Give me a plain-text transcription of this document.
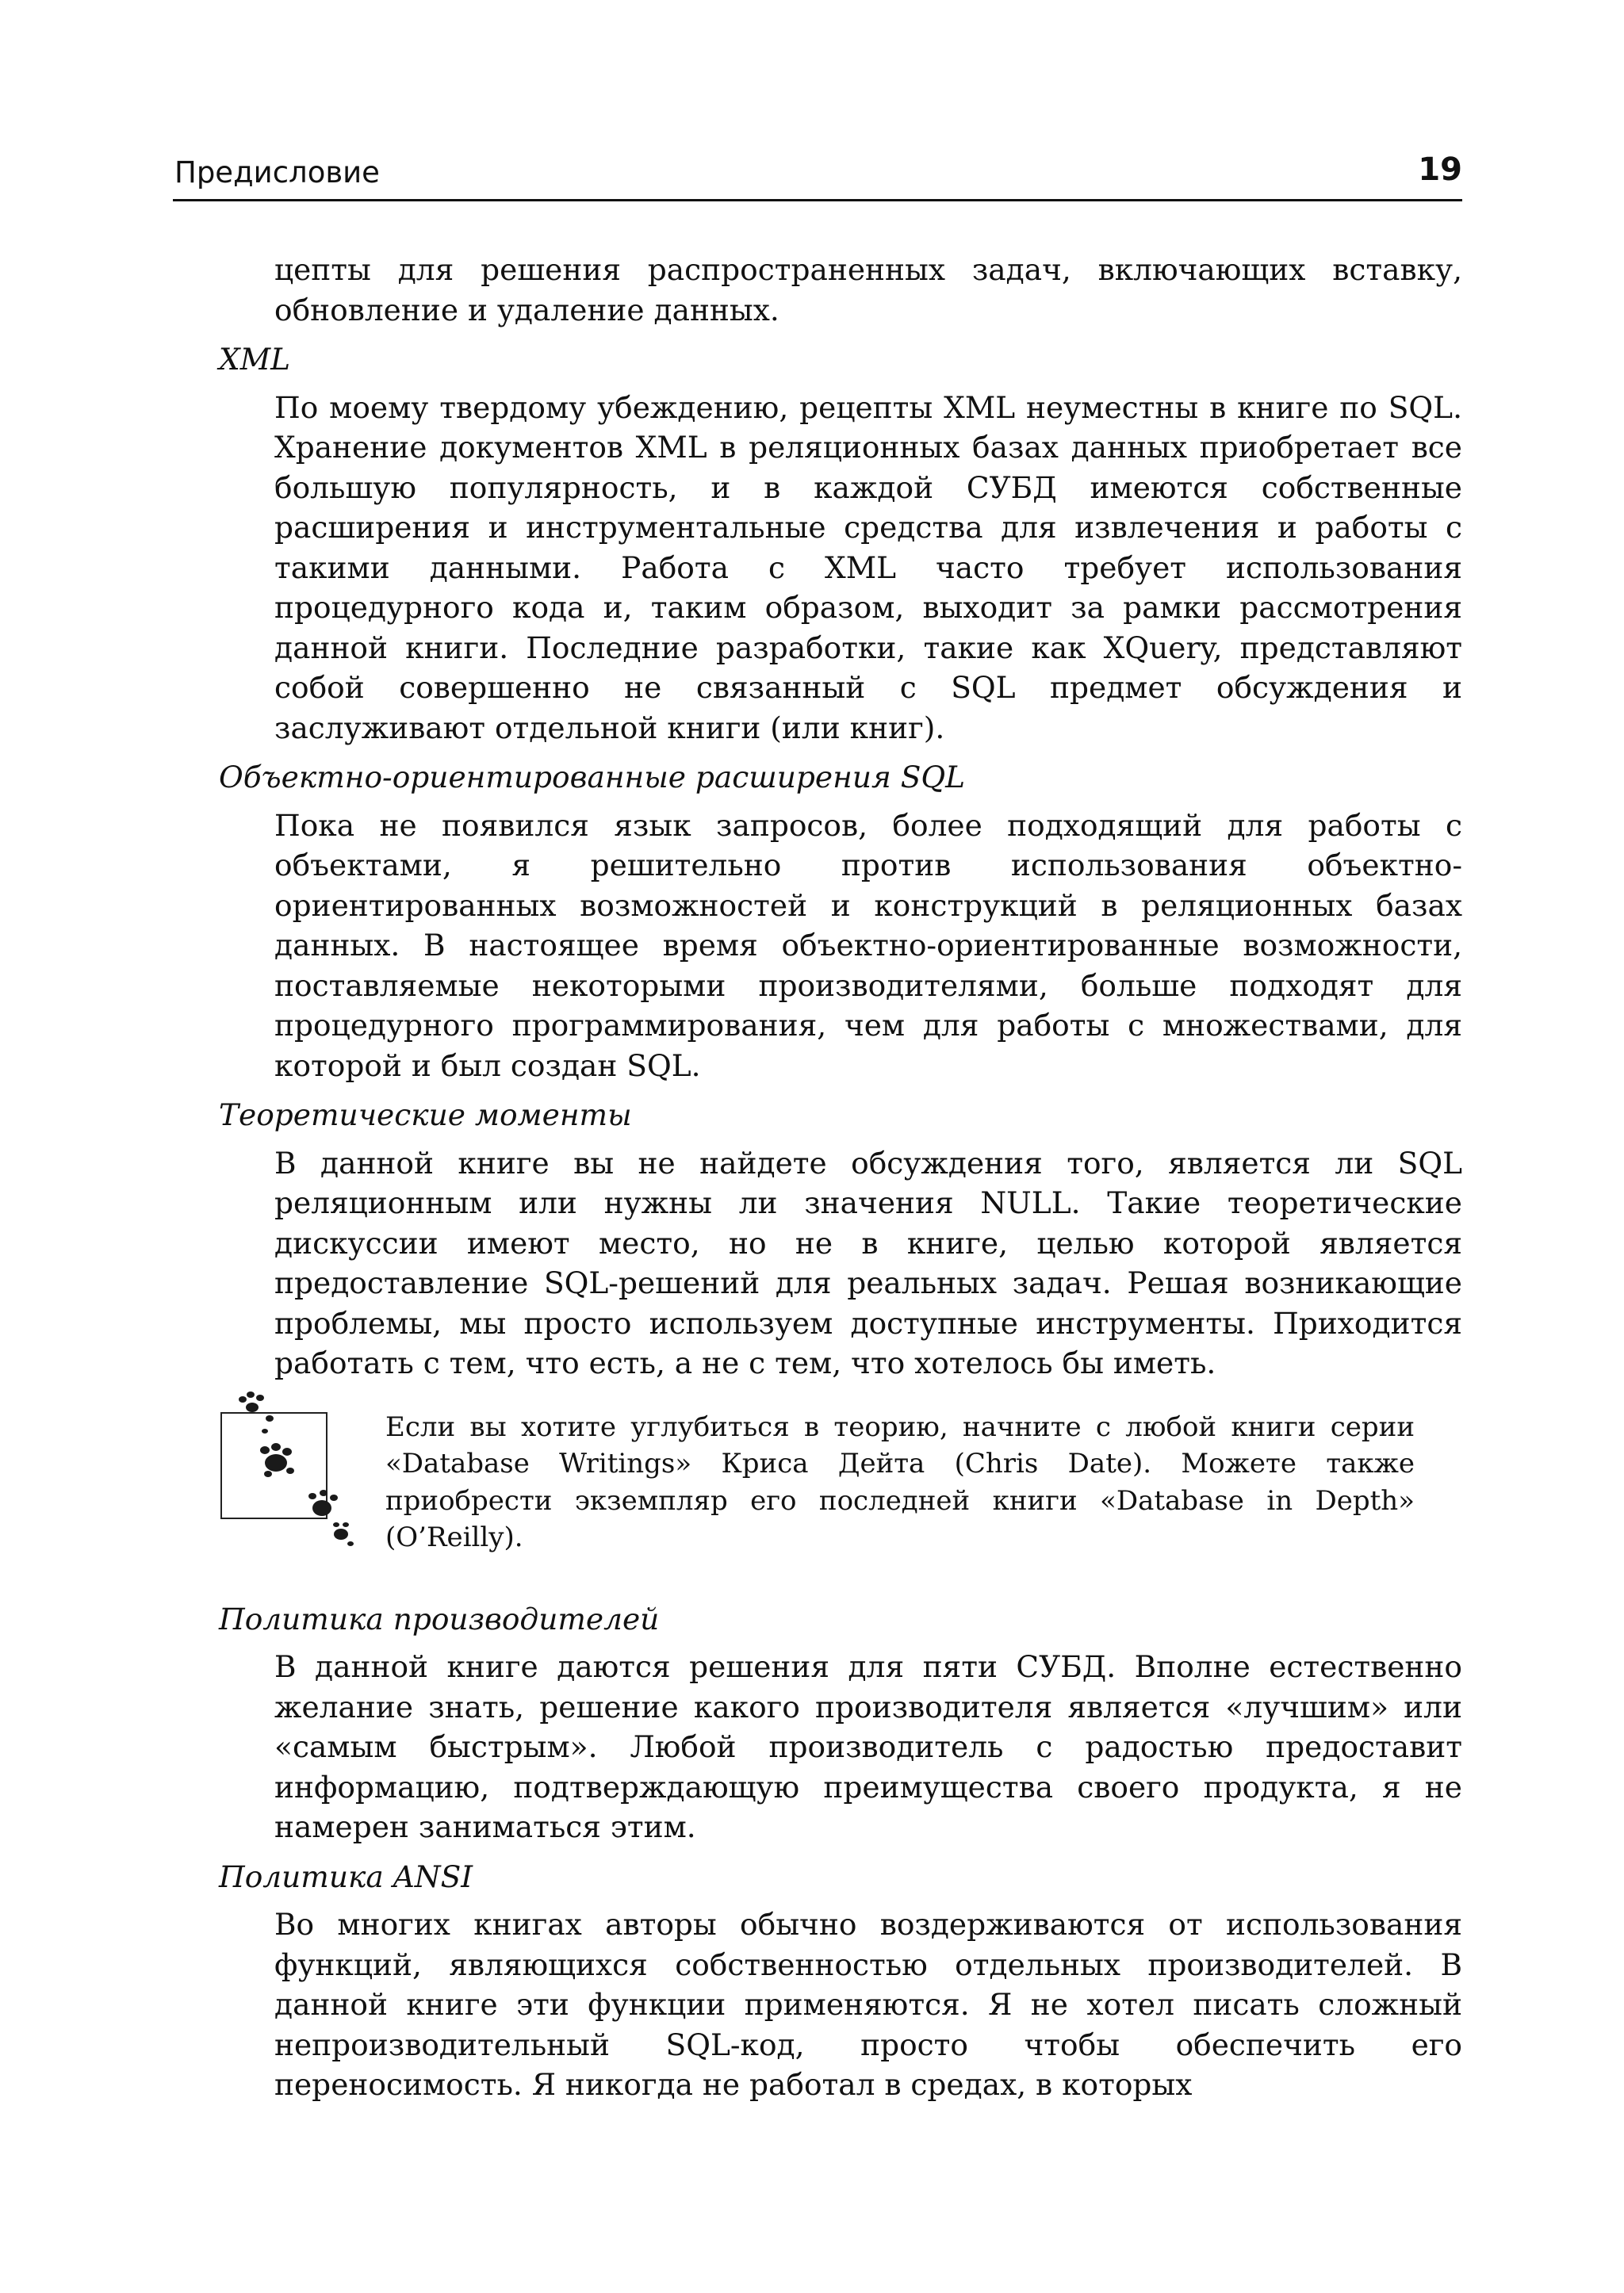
Предисловие	19

цепты для решения распространенных задач, включающих вставку, обновление и удаление данных.

XML

По моему твердому убеждению, рецепты XML неуместны в книге по SQL. Хранение документов XML в реляционных базах данных приобретает все большую популярность, и в каждой СУБД имеются собственные расширения и инструментальные средства для извлечения и работы с такими данными. Работа с XML часто требует использования процедурного кода и, таким образом, выходит за рамки рассмотрения данной книги. Последние разработки, такие как XQuery, представляют собой совершенно не связанный с SQL предмет обсуждения и заслуживают отдельной книги (или книг).

Объектно-ориентированные расширения SQL

Пока не появился язык запросов, более подходящий для работы с объектами, я решительно против использования объектно-ориентированных возможностей и конструкций в реляционных базах данных. В настоящее время объектно-ориентированные возможности, поставляемые некоторыми производителями, больше подходят для процедурного программирования, чем для работы с множествами, для которой и был создан SQL.

Теоретические моменты

В данной книге вы не найдете обсуждения того, является ли SQL реляционным или нужны ли значения NULL. Такие теоретические дискуссии имеют место, но не в книге, целью которой является предоставление SQL-решений для реальных задач. Решая возникающие проблемы, мы просто используем доступные инструменты. Приходится работать с тем, что есть, а не с тем, что хотелось бы иметь.

Если вы хотите углубиться в теорию, начните с любой книги серии «Database Writings» Криса Дейта (Chris Date). Можете также приобрести экземпляр его последней книги «Database in Depth» (O’Reilly).

Политика производителей

В данной книге даются решения для пяти СУБД. Вполне естественно желание знать, решение какого производителя является «лучшим» или «самым быстрым». Любой производитель с радостью предоставит информацию, подтверждающую преимущества своего продукта, я не намерен заниматься этим.

Политика ANSI

Во многих книгах авторы обычно воздерживаются от использования функций, являющихся собственностью отдельных производителей. В данной книге эти функции применяются. Я не хотел писать сложный непроизводительный SQL-код, просто чтобы обеспечить его переносимость. Я никогда не работал в средах, в которых
